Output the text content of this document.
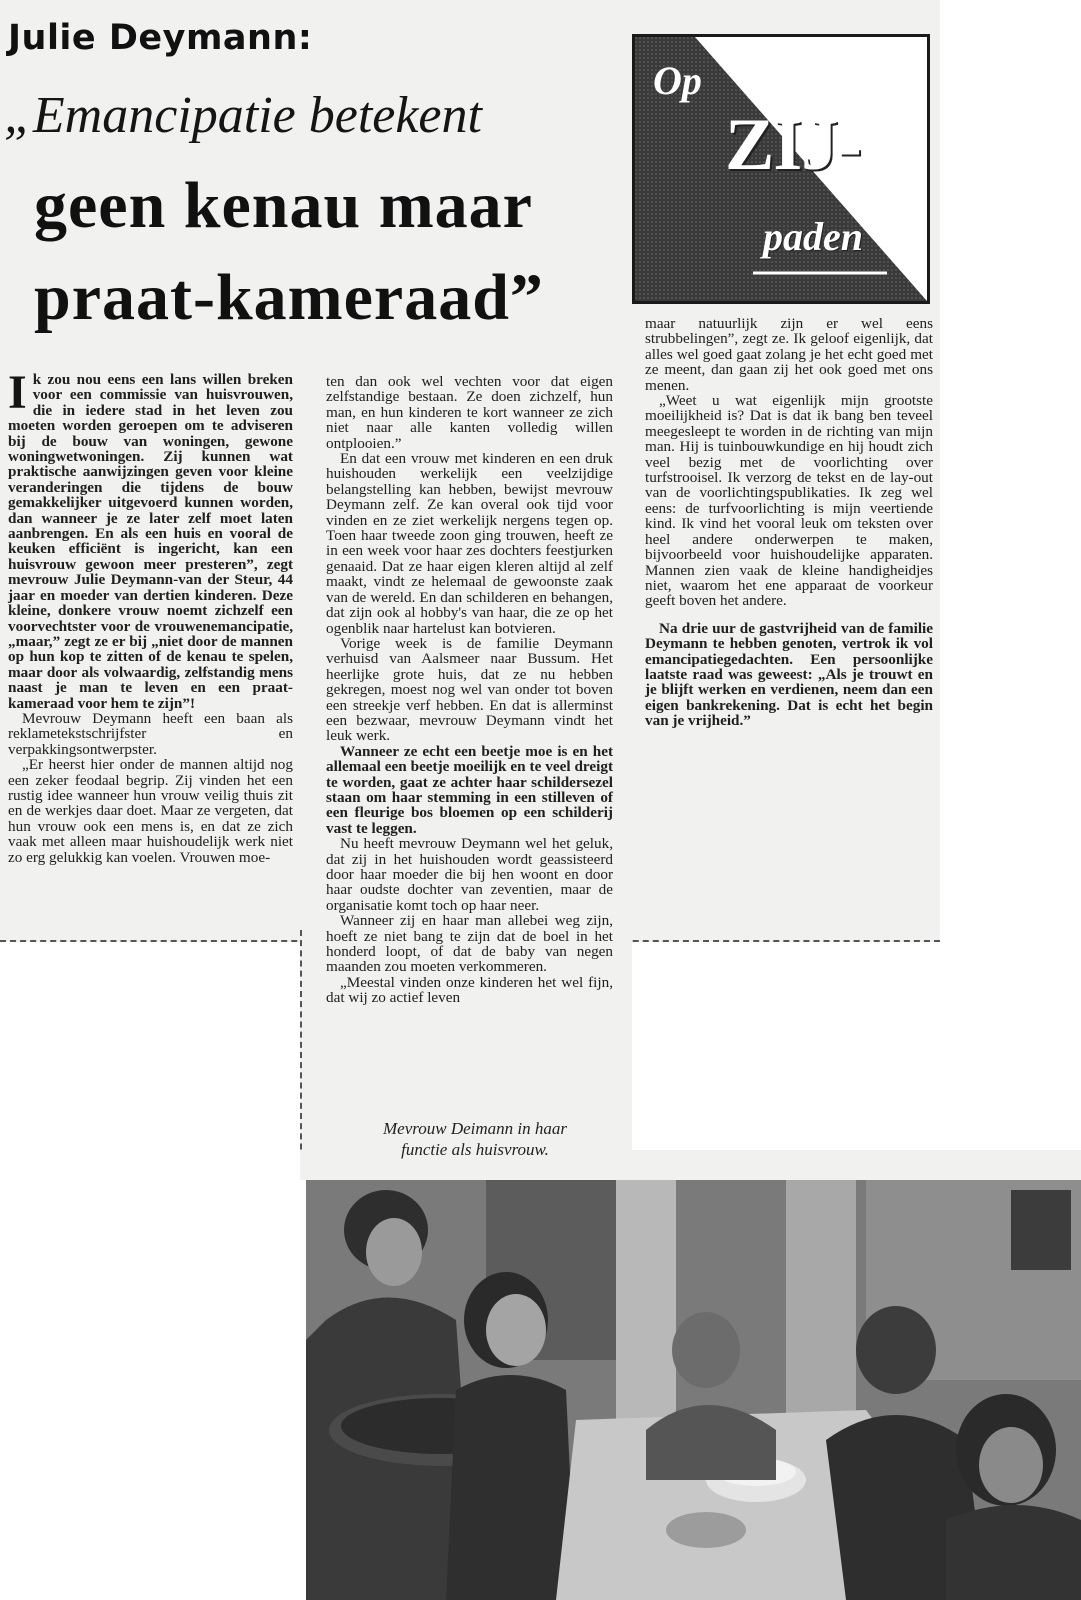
Julie Deymann:
„Emancipatie betekent
geen kenau maar
praat-kameraad”
Op
ZIJ-
paden

Ik zou nou eens een lans willen breken voor een commissie van huisvrouwen, die in iedere stad in het leven zou moeten worden geroepen om te adviseren bij de bouw van woningen, gewone woningwetwoningen. Zij kunnen wat praktische aanwijzingen geven voor kleine veranderingen die tijdens de bouw gemakkelijker uitgevoerd kunnen worden, dan wanneer je ze later zelf moet laten aanbrengen. En als een huis en vooral de keuken efficiënt is ingericht, kan een huisvrouw gewoon meer presteren”, zegt mevrouw Julie Deymann-van der Steur, 44 jaar en moeder van dertien kinderen. Deze kleine, donkere vrouw noemt zichzelf een voorvechtster voor de vrouwenemancipatie, „maar,” zegt ze er bij „niet door de mannen op hun kop te zitten of de kenau te spelen, maar door als volwaardig, zelfstandig mens naast je man te leven en een praat-kameraad voor hem te zijn”!

Mevrouw Deymann heeft een baan als reklametekstschrijfster en verpakkingsontwerpster.

„Er heerst hier onder de mannen altijd nog een zeker feodaal begrip. Zij vinden het een rustig idee wanneer hun vrouw veilig thuis zit en de werkjes daar doet. Maar ze vergeten, dat hun vrouw ook een mens is, en dat ze zich vaak met alleen maar huishoudelijk werk niet zo erg gelukkig kan voelen. Vrouwen moe-

ten dan ook wel vechten voor dat eigen zelfstandige bestaan. Ze doen zichzelf, hun man, en hun kinderen te kort wanneer ze zich niet naar alle kanten volledig willen ontplooien.”

En dat een vrouw met kinderen en een druk huishouden werkelijk een veelzijdige belangstelling kan hebben, bewijst mevrouw Deymann zelf. Ze kan overal ook tijd voor vinden en ze ziet werkelijk nergens tegen op. Toen haar tweede zoon ging trouwen, heeft ze in een week voor haar zes dochters feestjurken genaaid. Dat ze haar eigen kleren altijd al zelf maakt, vindt ze helemaal de gewoonste zaak van de wereld. En dan schilderen en behangen, dat zijn ook al hobby's van haar, die ze op het ogenblik naar hartelust kan botvieren.

Vorige week is de familie Deymann verhuisd van Aalsmeer naar Bussum. Het heerlijke grote huis, dat ze nu hebben gekregen, moest nog wel van onder tot boven een streekje verf hebben. En dat is allerminst een bezwaar, mevrouw Deymann vindt het leuk werk.

Wanneer ze echt een beetje moe is en het allemaal een beetje moeilijk en te veel dreigt te worden, gaat ze achter haar schildersezel staan om haar stemming in een stilleven of een fleurige bos bloemen op een schilderij vast te leggen.

Nu heeft mevrouw Deymann wel het geluk, dat zij in het huishouden wordt geassisteerd door haar moeder die bij hen woont en door haar oudste dochter van zeventien, maar de organisatie komt toch op haar neer.

Wanneer zij en haar man allebei weg zijn, hoeft ze niet bang te zijn dat de boel in het honderd loopt, of dat de baby van negen maanden zou moeten verkommeren.

„Meestal vinden onze kinderen het wel fijn, dat wij zo actief leven

maar natuurlijk zijn er wel eens strubbelingen”, zegt ze. Ik geloof eigenlijk, dat alles wel goed gaat zolang je het echt goed met ze meent, dan gaan zij het ook goed met ons menen.

„Weet u wat eigenlijk mijn grootste moeilijkheid is? Dat is dat ik bang ben teveel meegesleept te worden in de richting van mijn man. Hij is tuinbouwkundige en hij houdt zich veel bezig met de voorlichting over turfstrooisel. Ik verzorg de tekst en de lay-out van de voorlichtingspublikaties. Ik zeg wel eens: de turfvoorlichting is mijn veertiende kind. Ik vind het vooral leuk om teksten over heel andere onderwerpen te maken, bijvoorbeeld voor huishoudelijke apparaten. Mannen zien vaak de kleine handigheidjes niet, waarom het ene apparaat de voorkeur geeft boven het andere.

Na drie uur de gastvrijheid van de familie Deymann te hebben genoten, vertrok ik vol emancipatiegedachten. Een persoonlijke laatste raad was geweest: „Als je trouwt en je blijft werken en verdienen, neem dan een eigen bankrekening. Dat is echt het begin van je vrijheid.”

Mevrouw Deimann in haar
functie als huisvrouw.
